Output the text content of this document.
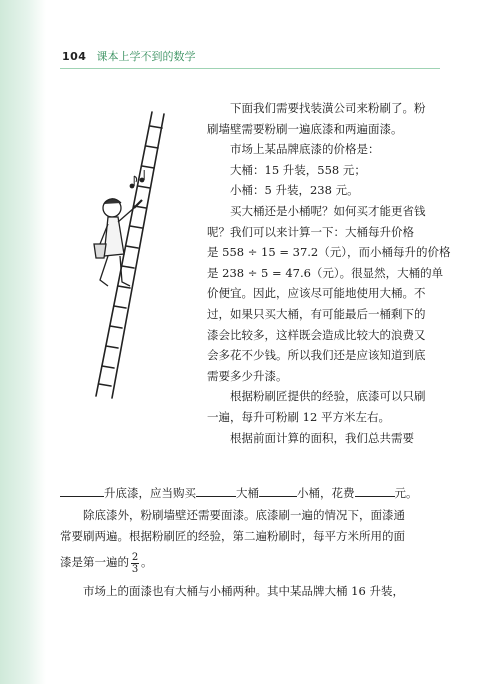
104 课本上学不到的数学
下面我们需要找装潢公司来粉刷了。粉
刷墙壁需要粉刷一遍底漆和两遍面漆。
市场上某品牌底漆的价格是：
大桶：15 升装，558 元；
小桶：5 升装，238 元。
买大桶还是小桶呢？如何买才能更省钱
呢？我们可以来计算一下：大桶每升价格
是 558 ÷ 15 = 37.2（元），而小桶每升的价格
是 238 ÷ 5 = 47.6（元）。很显然，大桶的单
价便宜。因此，应该尽可能地使用大桶。不
过，如果只买大桶，有可能最后一桶剩下的
漆会比较多，这样既会造成比较大的浪费又
会多花不少钱。所以我们还是应该知道到底
需要多少升漆。
根据粉刷匠提供的经验，底漆可以只刷
一遍，每升可粉刷 12 平方米左右。
根据前面计算的面积，我们总共需要
升底漆，应当购买	大桶	小桶，花费	元。
除底漆外，粉刷墙壁还需要面漆。底漆刷一遍的情况下，面漆通
常要刷两遍。根据粉刷匠的经验，第二遍粉刷时，每平方米所用的面
漆是第一遍的 $\frac{2}{3}$ 。
市场上的面漆也有大桶与小桶两种。其中某品牌大桶 16 升装，
